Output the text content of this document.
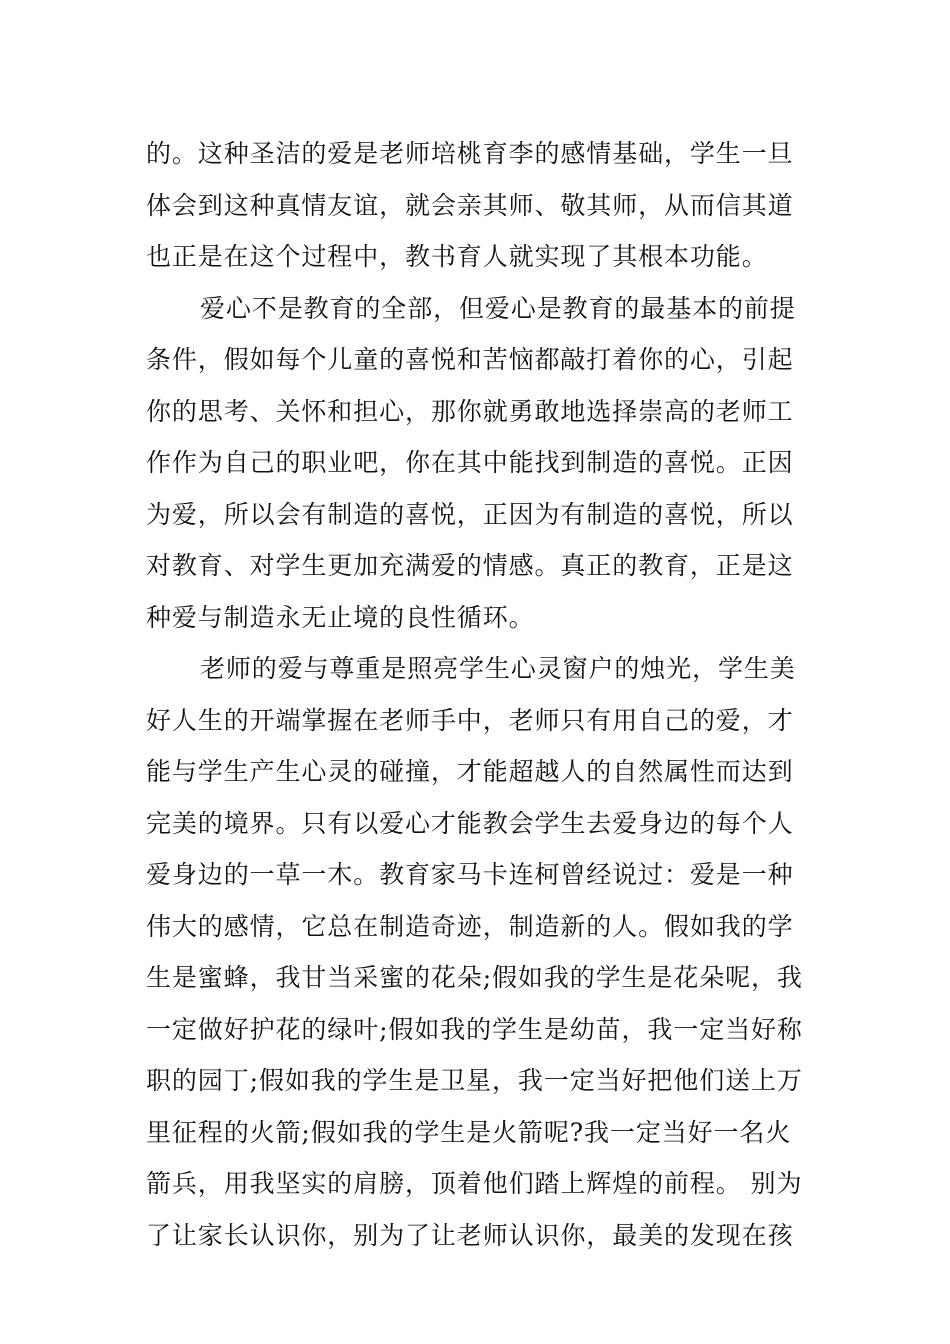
的。这种圣洁的爱是老师培桃育李的感情基础，学生一旦
体会到这种真情友谊，就会亲其师、敬其师，从而信其道
也正是在这个过程中，教书育人就实现了其根本功能。
爱心不是教育的全部，但爱心是教育的最基本的前提
条件，假如每个儿童的喜悦和苦恼都敲打着你的心，引起
你的思考、关怀和担心，那你就勇敢地选择崇高的老师工
作作为自己的职业吧，你在其中能找到制造的喜悦。正因
为爱，所以会有制造的喜悦，正因为有制造的喜悦，所以
对教育、对学生更加充满爱的情感。真正的教育，正是这
种爱与制造永无止境的良性循环。
老师的爱与尊重是照亮学生心灵窗户的烛光，学生美
好人生的开端掌握在老师手中，老师只有用自己的爱，才
能与学生产生心灵的碰撞，才能超越人的自然属性而达到
完美的境界。只有以爱心才能教会学生去爱身边的每个人
爱身边的一草一木。教育家马卡连柯曾经说过：爱是一种
伟大的感情，它总在制造奇迹，制造新的人。假如我的学
生是蜜蜂，我甘当采蜜的花朵;假如我的学生是花朵呢，我
一定做好护花的绿叶;假如我的学生是幼苗，我一定当好称
职的园丁;假如我的学生是卫星，我一定当好把他们送上万
里征程的火箭;假如我的学生是火箭呢?我一定当好一名火
箭兵，用我坚实的肩膀，顶着他们踏上辉煌的前程。 别为
了让家长认识你，别为了让老师认识你，最美的发现在孩
